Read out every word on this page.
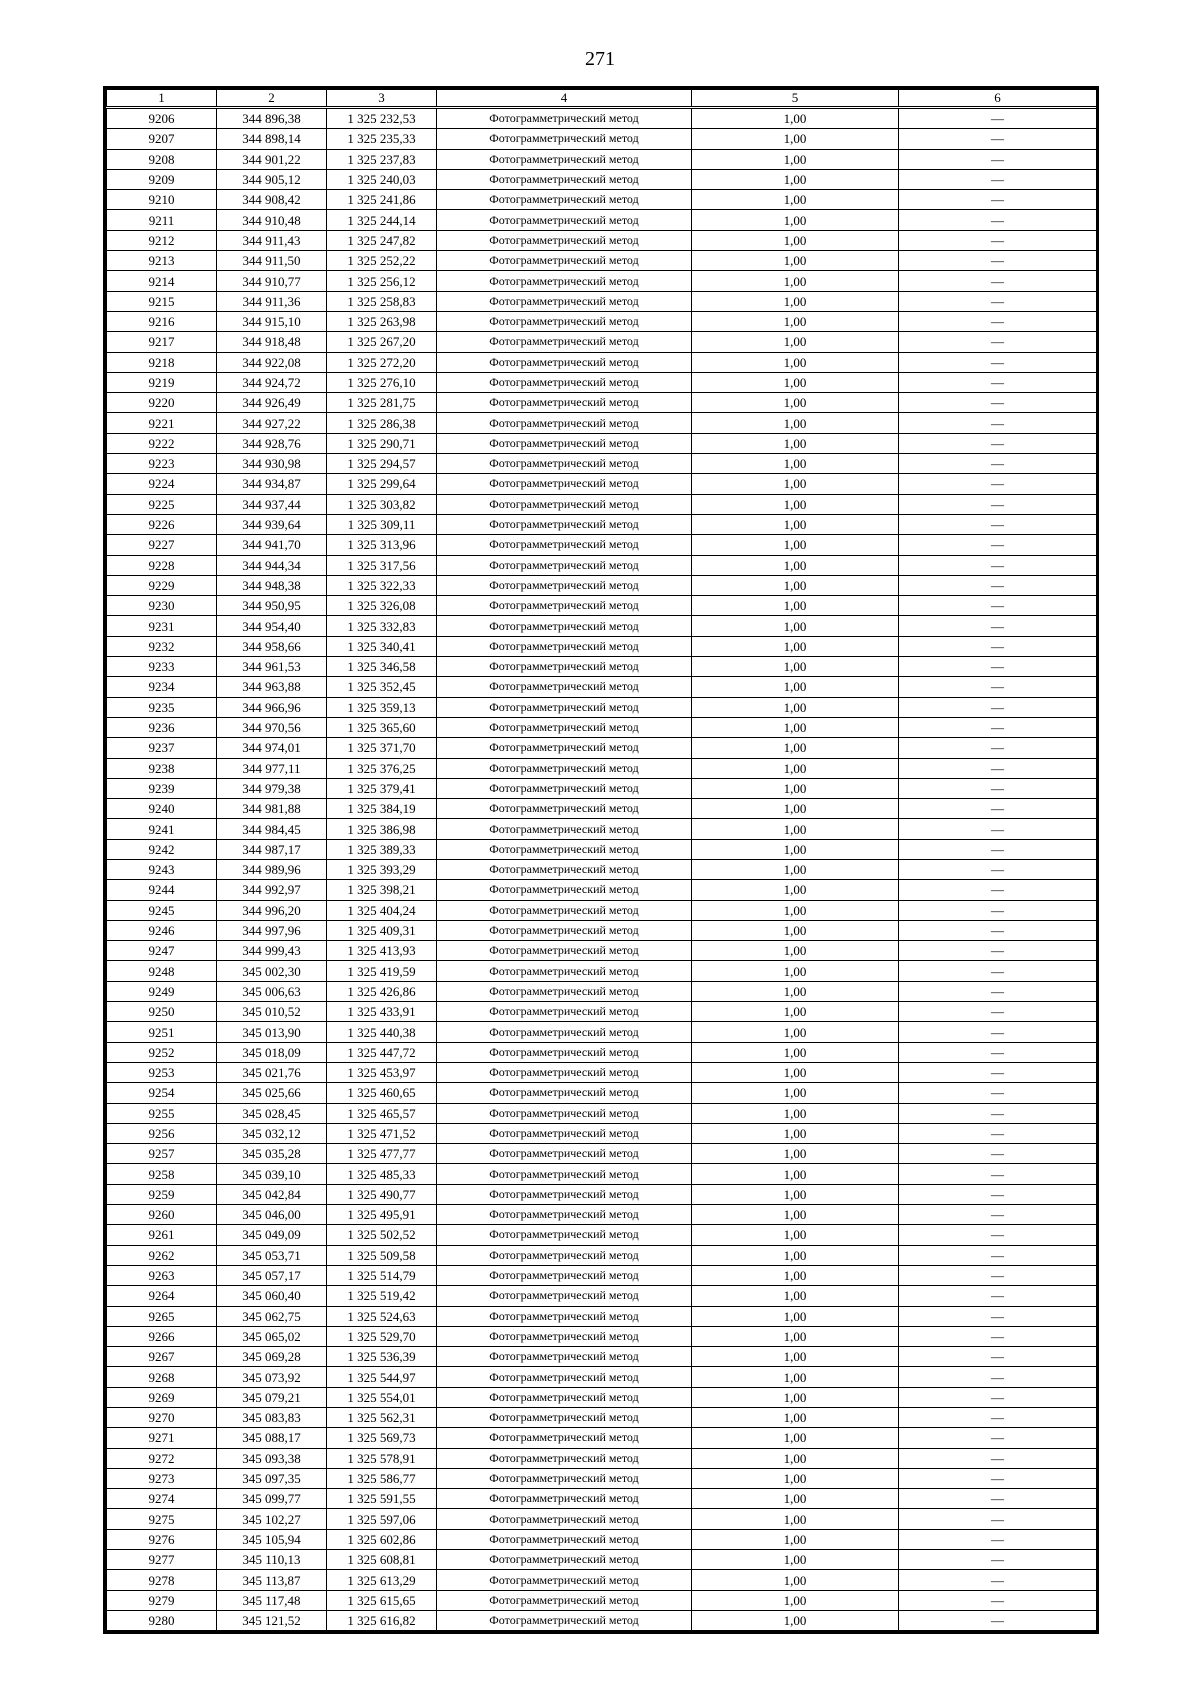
271
1	2	3	4	5	6
9206	344 896,38	1 325 232,53	Фотограмметрический метод	1,00	—
9207	344 898,14	1 325 235,33	Фотограмметрический метод	1,00	—
9208	344 901,22	1 325 237,83	Фотограмметрический метод	1,00	—
9209	344 905,12	1 325 240,03	Фотограмметрический метод	1,00	—
9210	344 908,42	1 325 241,86	Фотограмметрический метод	1,00	—
9211	344 910,48	1 325 244,14	Фотограмметрический метод	1,00	—
9212	344 911,43	1 325 247,82	Фотограмметрический метод	1,00	—
9213	344 911,50	1 325 252,22	Фотограмметрический метод	1,00	—
9214	344 910,77	1 325 256,12	Фотограмметрический метод	1,00	—
9215	344 911,36	1 325 258,83	Фотограмметрический метод	1,00	—
9216	344 915,10	1 325 263,98	Фотограмметрический метод	1,00	—
9217	344 918,48	1 325 267,20	Фотограмметрический метод	1,00	—
9218	344 922,08	1 325 272,20	Фотограмметрический метод	1,00	—
9219	344 924,72	1 325 276,10	Фотограмметрический метод	1,00	—
9220	344 926,49	1 325 281,75	Фотограмметрический метод	1,00	—
9221	344 927,22	1 325 286,38	Фотограмметрический метод	1,00	—
9222	344 928,76	1 325 290,71	Фотограмметрический метод	1,00	—
9223	344 930,98	1 325 294,57	Фотограмметрический метод	1,00	—
9224	344 934,87	1 325 299,64	Фотограмметрический метод	1,00	—
9225	344 937,44	1 325 303,82	Фотограмметрический метод	1,00	—
9226	344 939,64	1 325 309,11	Фотограмметрический метод	1,00	—
9227	344 941,70	1 325 313,96	Фотограмметрический метод	1,00	—
9228	344 944,34	1 325 317,56	Фотограмметрический метод	1,00	—
9229	344 948,38	1 325 322,33	Фотограмметрический метод	1,00	—
9230	344 950,95	1 325 326,08	Фотограмметрический метод	1,00	—
9231	344 954,40	1 325 332,83	Фотограмметрический метод	1,00	—
9232	344 958,66	1 325 340,41	Фотограмметрический метод	1,00	—
9233	344 961,53	1 325 346,58	Фотограмметрический метод	1,00	—
9234	344 963,88	1 325 352,45	Фотограмметрический метод	1,00	—
9235	344 966,96	1 325 359,13	Фотограмметрический метод	1,00	—
9236	344 970,56	1 325 365,60	Фотограмметрический метод	1,00	—
9237	344 974,01	1 325 371,70	Фотограмметрический метод	1,00	—
9238	344 977,11	1 325 376,25	Фотограмметрический метод	1,00	—
9239	344 979,38	1 325 379,41	Фотограмметрический метод	1,00	—
9240	344 981,88	1 325 384,19	Фотограмметрический метод	1,00	—
9241	344 984,45	1 325 386,98	Фотограмметрический метод	1,00	—
9242	344 987,17	1 325 389,33	Фотограмметрический метод	1,00	—
9243	344 989,96	1 325 393,29	Фотограмметрический метод	1,00	—
9244	344 992,97	1 325 398,21	Фотограмметрический метод	1,00	—
9245	344 996,20	1 325 404,24	Фотограмметрический метод	1,00	—
9246	344 997,96	1 325 409,31	Фотограмметрический метод	1,00	—
9247	344 999,43	1 325 413,93	Фотограмметрический метод	1,00	—
9248	345 002,30	1 325 419,59	Фотограмметрический метод	1,00	—
9249	345 006,63	1 325 426,86	Фотограмметрический метод	1,00	—
9250	345 010,52	1 325 433,91	Фотограмметрический метод	1,00	—
9251	345 013,90	1 325 440,38	Фотограмметрический метод	1,00	—
9252	345 018,09	1 325 447,72	Фотограмметрический метод	1,00	—
9253	345 021,76	1 325 453,97	Фотограмметрический метод	1,00	—
9254	345 025,66	1 325 460,65	Фотограмметрический метод	1,00	—
9255	345 028,45	1 325 465,57	Фотограмметрический метод	1,00	—
9256	345 032,12	1 325 471,52	Фотограмметрический метод	1,00	—
9257	345 035,28	1 325 477,77	Фотограмметрический метод	1,00	—
9258	345 039,10	1 325 485,33	Фотограмметрический метод	1,00	—
9259	345 042,84	1 325 490,77	Фотограмметрический метод	1,00	—
9260	345 046,00	1 325 495,91	Фотограмметрический метод	1,00	—
9261	345 049,09	1 325 502,52	Фотограмметрический метод	1,00	—
9262	345 053,71	1 325 509,58	Фотограмметрический метод	1,00	—
9263	345 057,17	1 325 514,79	Фотограмметрический метод	1,00	—
9264	345 060,40	1 325 519,42	Фотограмметрический метод	1,00	—
9265	345 062,75	1 325 524,63	Фотограмметрический метод	1,00	—
9266	345 065,02	1 325 529,70	Фотограмметрический метод	1,00	—
9267	345 069,28	1 325 536,39	Фотограмметрический метод	1,00	—
9268	345 073,92	1 325 544,97	Фотограмметрический метод	1,00	—
9269	345 079,21	1 325 554,01	Фотограмметрический метод	1,00	—
9270	345 083,83	1 325 562,31	Фотограмметрический метод	1,00	—
9271	345 088,17	1 325 569,73	Фотограмметрический метод	1,00	—
9272	345 093,38	1 325 578,91	Фотограмметрический метод	1,00	—
9273	345 097,35	1 325 586,77	Фотограмметрический метод	1,00	—
9274	345 099,77	1 325 591,55	Фотограмметрический метод	1,00	—
9275	345 102,27	1 325 597,06	Фотограмметрический метод	1,00	—
9276	345 105,94	1 325 602,86	Фотограмметрический метод	1,00	—
9277	345 110,13	1 325 608,81	Фотограмметрический метод	1,00	—
9278	345 113,87	1 325 613,29	Фотограмметрический метод	1,00	—
9279	345 117,48	1 325 615,65	Фотограмметрический метод	1,00	—
9280	345 121,52	1 325 616,82	Фотограмметрический метод	1,00	—
